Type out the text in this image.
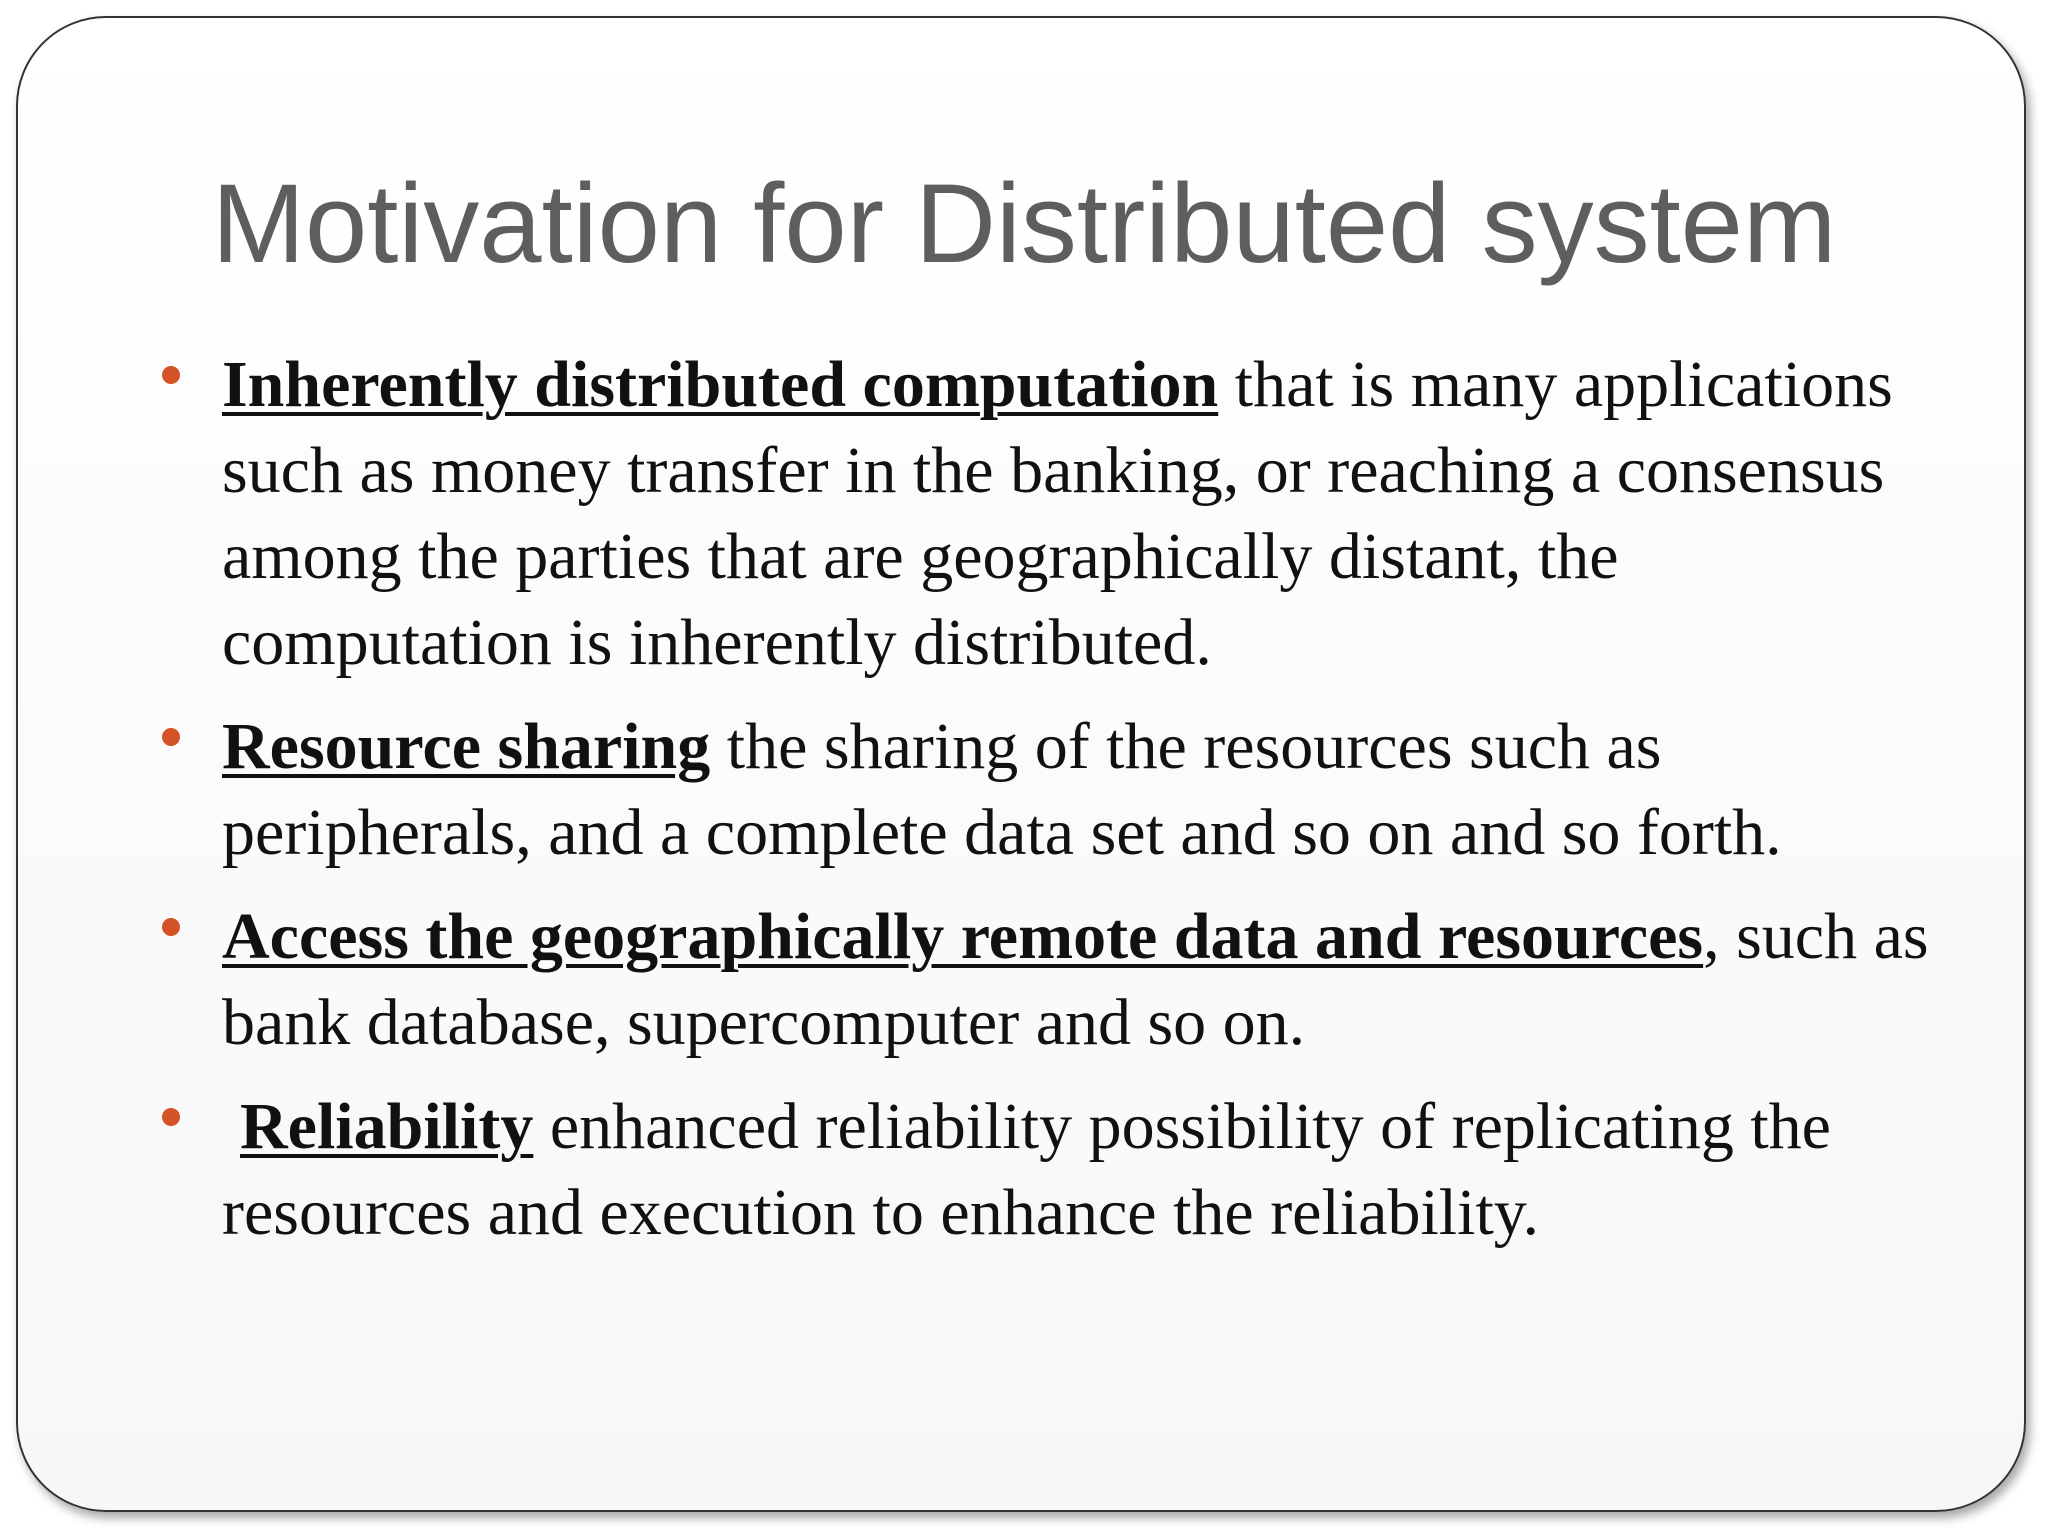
Motivation for Distributed system
Inherently distributed computation that is many applications such as money transfer in the banking, or reaching a consensus among the parties that are geographically distant, the computation is inherently distributed.
Resource sharing the sharing of the resources such as peripherals, and a complete data set and so on and so forth.
Access the geographically remote data and resources, such as bank database, supercomputer and so on.
Reliability enhanced reliability possibility of replicating the resources and execution to enhance the reliability.
